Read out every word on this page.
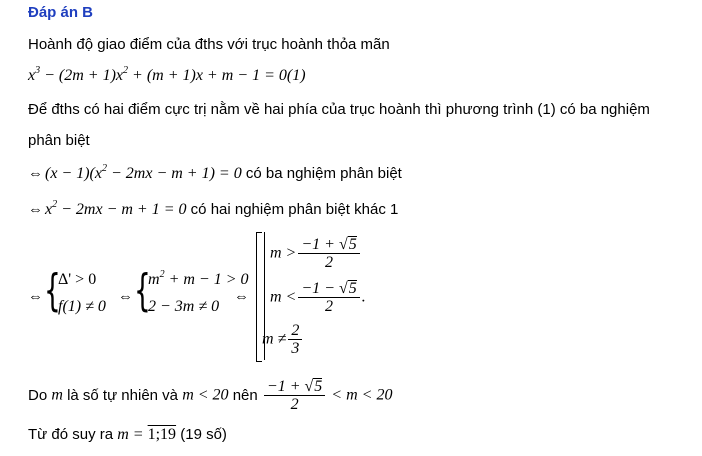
Đáp án B
Hoành độ giao điểm của đths với trục hoành thỏa mãn
$x^3 - (2m + 1)x^2 + (m + 1)x + m - 1 = 0(1)$
Để đths có hai điểm cực trị nằm về hai phía của trục hoành thì phương trình (1) có ba nghiệm
phân biệt
⇔ $(x - 1)(x^2 - 2mx - m + 1) = 0$ có ba nghiệm phân biệt
⇔ $x^2 - 2mx - m + 1 = 0$ có hai nghiệm phân biệt khác 1
⇔ {
Δ' > 0
f(1) ≠ 0
⇔ {
$m^2 + m - 1 > 0$
2 − 3m ≠ 0
⇔
$m > \frac{-1 + √5}{2}$
$m < \frac{-1 - √5}{2}$ .
$m \ne \frac{2}{3}$
Do m là số tự nhiên và m < 20 nên $\frac{-1 + √5}{2} < m < 20$
Từ đó suy ra m = 1;19 (19 số)
